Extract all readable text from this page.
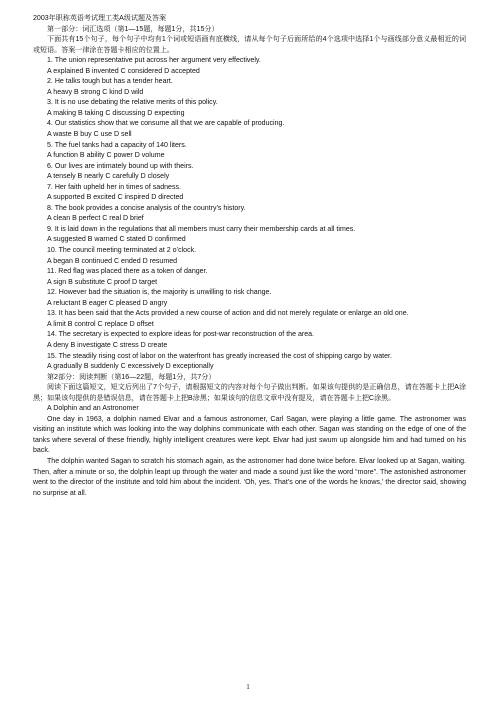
2003年职称英语考试理工类A级试题及答案
第一部分：词汇选项（第1—15题，每题1分，共15分）
下面共有15个句子，每个句子中均有1个词或短语画有底横线，请从每个句子后面所给的4个选项中选择1个与画线部分意义最相近的词或短语。答案一律涂在答题卡相应的位置上。
1. The union representative put across her argument very effectively.
A explained B invented C considered D accepted
2. He talks tough but has a tender heart.
A heavy B strong C kind D wild
3. It is no use debating the relative merits of this policy.
A making B taking C discussing D expecting
4. Our statistics show that we consume all that we are capable of producing.
A waste B buy C use D sell
5. The fuel tanks had a capacity of 140 liters.
A function B ability C power D volume
6. Our lives are intimately bound up with theirs.
A tensely B nearly C carefully D closely
7. Her faith upheld her in times of sadness.
A supported B excited C inspired D directed
8. The book provides a concise analysis of the country’s history.
A clean B perfect C real D brief
9. It is laid down in the regulations that all members must carry their membership cards at all times.
A suggested B warned C stated D confirmed
10. The council meeting terminated at 2 o’clock.
A began B continued C ended D resumed
11. Red flag was placed there as a token of danger.
A sign B substitute C proof D target
12. However bad the situation is, the majority is unwilling to risk change.
A reluctant B eager C pleased D angry
13. It has been said that the Acts provided a new course of action and did not merely regulate or enlarge an old one.
A limit B control C replace D offset
14. The secretary is expected to explore ideas for post-war reconstruction of the area.
A deny B investigate C stress D create
15. The steadily rising cost of labor on the waterfront has greatly increased the cost of shipping cargo by water.
A gradually B suddenly C excessively D exceptionally
第2部分：阅读判断（第16—22题，每题1分，共7分）
阅读下面这篇短文，短文后列出了7个句子，请根据短文的内容对每个句子做出判断。如果该句提供的是正确信息，请在答题卡上把A涂黑；如果该句提供的是错误信息，请在答题卡上把B涂黑；如果该句的信息文章中没有提及，请在答题卡上把C涂黑。
A Dolphin and an Astronomer
One day in 1963, a dolphin named Elvar and a famous astronomer, Carl Sagan, were playing a little game. The astronomer was visiting an institute which was looking into the way dolphins communicate with each other. Sagan was standing on the edge of one of the tanks where several of these friendly, highly intelligent creatures were kept. Elvar had just swum up alongside him and had turned on his back.
The dolphin wanted Sagan to scratch his stomach again, as the astronomer had done twice before. Elvar looked up at Sagan, waiting. Then, after a minute or so, the dolphin leapt up through the water and made a sound just like the word “more”. The astonished astronomer went to the director of the institute and told him about the incident. ‘Oh, yes. That’s one of the words he knows,’ the director said, showing no surprise at all.
1
